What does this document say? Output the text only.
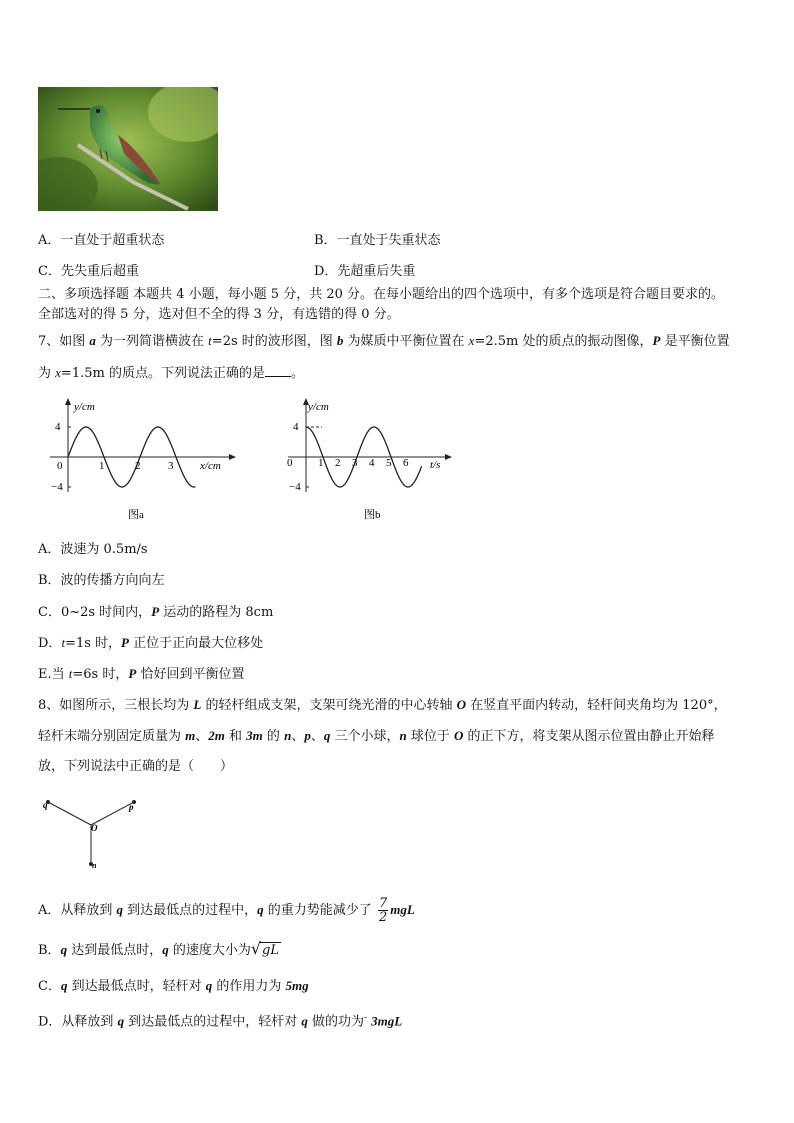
A．一直处于超重状态	B．一直处于失重状态
C．先失重后超重	D．先超重后失重
二、多项选择题 本题共 4 小题，每小题 5 分，共 20 分。在每小题给出的四个选项中，有多个选项是符合题目要求的。
全部选对的得 5 分，选对但不全的得 3 分，有选错的得 0 分。
7、如图 a 为一列简谐横波在 t=2s 时的波形图，图 b 为媒质中平衡位置在 x=2.5m 处的质点的振动图像，P 是平衡位置
为 x=1.5m 的质点。下列说法正确的是 。
y/cm
4
−4
0	1	2	3 x/cm
图a
y/cm
4
−4
0 1 2 3 4 5 6 t/s
图b
A．波速为 0.5m/s
B．波的传播方向向左
C．0~2s 时间内，P 运动的路程为 8cm
D．t=1s 时，P 正位于正向最大位移处
E.当 t=6s 时，P 恰好回到平衡位置
8、如图所示，三根长均为 L 的轻杆组成支架，支架可绕光滑的中心转轴 O 在竖直平面内转动，轻杆间夹角均为 120°，
轻杆末端分别固定质量为 m、2m 和 3m 的 n、p、q 三个小球，n 球位于 O 的正下方，将支架从图示位置由静止开始释
放，下列说法中正确的是（　　）
q	p
O
n
A．从释放到 q 到达最低点的过程中，q 的重力势能减少了 $\frac{7}{2}$ mgL
B．q 达到最低点时，q 的速度大小为√gL
C．q 到达最低点时，轻杆对 q 的作用力为 5mg
D．从释放到 q 到达最低点的过程中，轻杆对 q 做的功为- 3mgL
